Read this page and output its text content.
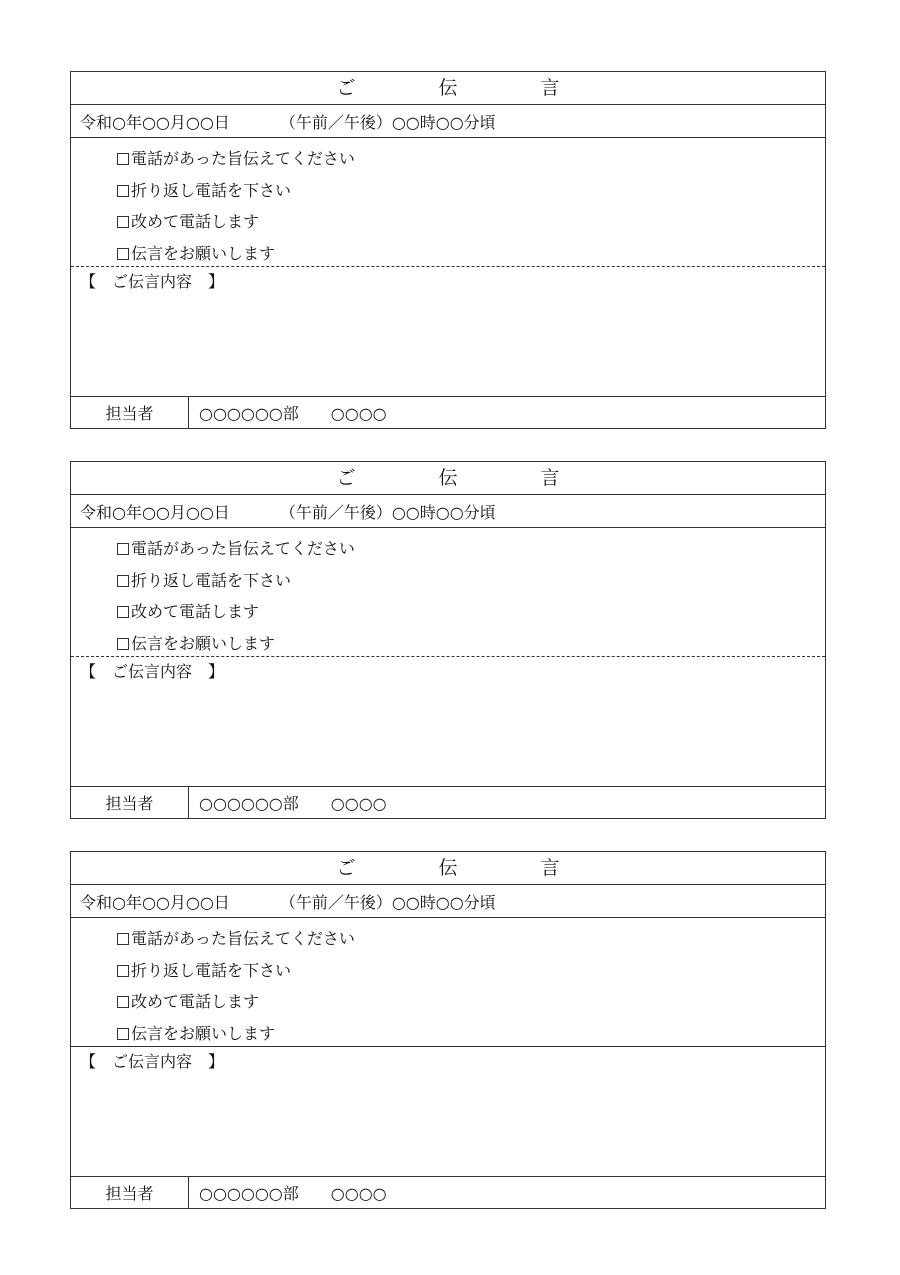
ご　伝　言
令和○年○○月○○日	（午前／午後）○○時○○分頃
電話があった旨伝えてください
折り返し電話を下さい
改めて電話します
伝言をお願いします
【　ご伝言内容　】
担当者	○○○○○○部　　○○○○
ご　伝　言
令和○年○○月○○日	（午前／午後）○○時○○分頃
電話があった旨伝えてください
折り返し電話を下さい
改めて電話します
伝言をお願いします
【　ご伝言内容　】
担当者	○○○○○○部　　○○○○
ご　伝　言
令和○年○○月○○日	（午前／午後）○○時○○分頃
電話があった旨伝えてください
折り返し電話を下さい
改めて電話します
伝言をお願いします
【　ご伝言内容　】
担当者	○○○○○○部　　○○○○
